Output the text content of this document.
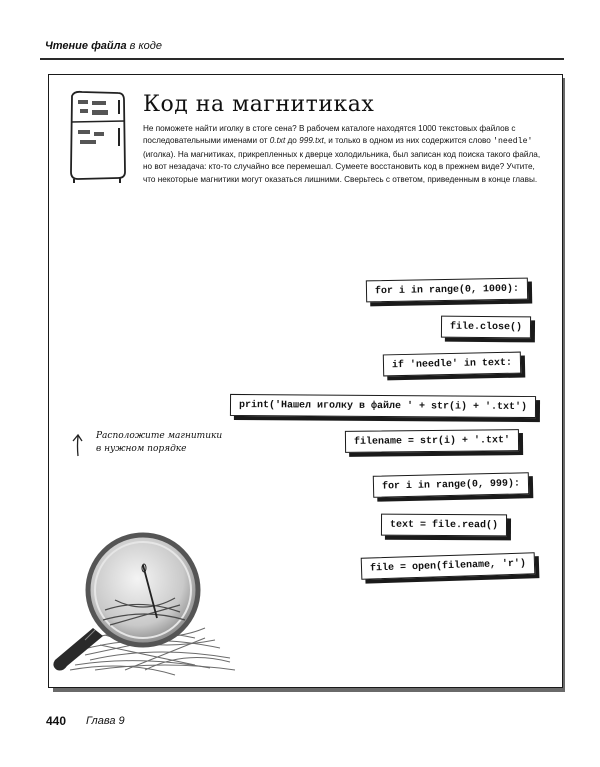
Чтение файла в коде
Код на магнитиках
Не поможете найти иголку в стоге сена? В рабочем каталоге находятся 1000 текстовых файлов с последовательными именами от 0.txt до 999.txt, и только в одном из них содержится слово 'needle' (иголка). На магнитиках, прикрепленных к дверце холодильника, был записан код поиска такого файла, но вот незадача: кто-то случайно все перемешал. Сумеете восстановить код в прежнем виде? Учтите, что некоторые магнитики могут оказаться лишними. Сверьтесь с ответом, приведенным в конце главы.
for i in range(0, 1000):
file.close()
if 'needle' in text:
print('Нашел иголку в файле ' + str(i) + '.txt')
filename = str(i) + '.txt'
for i in range(0, 999):
text = file.read()
file = open(filename, 'r')
Расположите магнитики
в нужном порядке
440 Глава 9
